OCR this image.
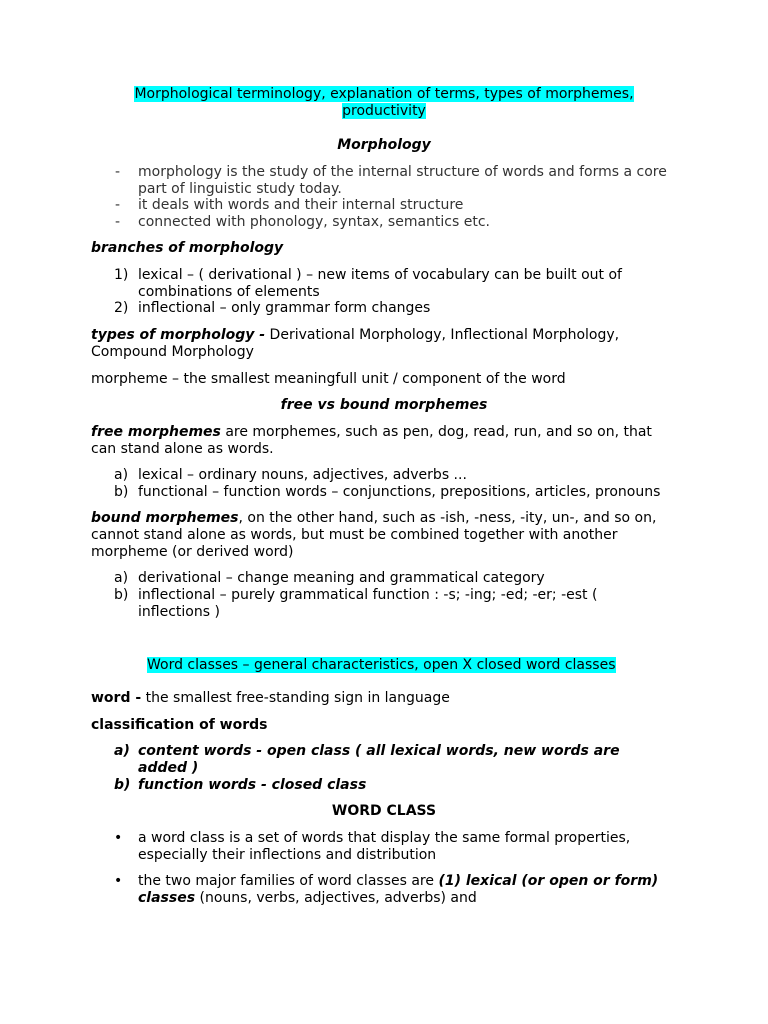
Morphological terminology, explanation of terms, types of morphemes,
productivity
Morphology
- morphology is the study of the internal structure of words and forms a core part of linguistic study today.
- it deals with words and their internal structure
- connected with phonology, syntax, semantics etc.
branches of morphology
1) lexical – ( derivational ) – new items of vocabulary can be built out of combinations of elements
2) inflectional – only grammar form changes
types of morphology - Derivational Morphology, Inflectional Morphology, Compound Morphology
morpheme – the smallest meaningfull unit / component of the word
free vs bound morphemes
free morphemes are morphemes, such as pen, dog, read, run, and so on, that can stand alone as words.
a) lexical – ordinary nouns, adjectives, adverbs ...
b) functional – function words – conjunctions, prepositions, articles, pronouns
bound morphemes, on the other hand, such as -ish, -ness, -ity, un-, and so on, cannot stand alone as words, but must be combined together with another morpheme (or derived word)
a) derivational – change meaning and grammatical category
b) inflectional – purely grammatical function : -s; -ing; -ed; -er; -est ( inflections )
Word classes – general characteristics, open X closed word classes
word - the smallest free-standing sign in language
classification of words
a) content words - open class ( all lexical words, new words are added )
b) function words - closed class
WORD CLASS
• a word class is a set of words that display the same formal properties, especially their inflections and distribution
• the two major families of word classes are (1) lexical (or open or form) classes (nouns, verbs, adjectives, adverbs) and
